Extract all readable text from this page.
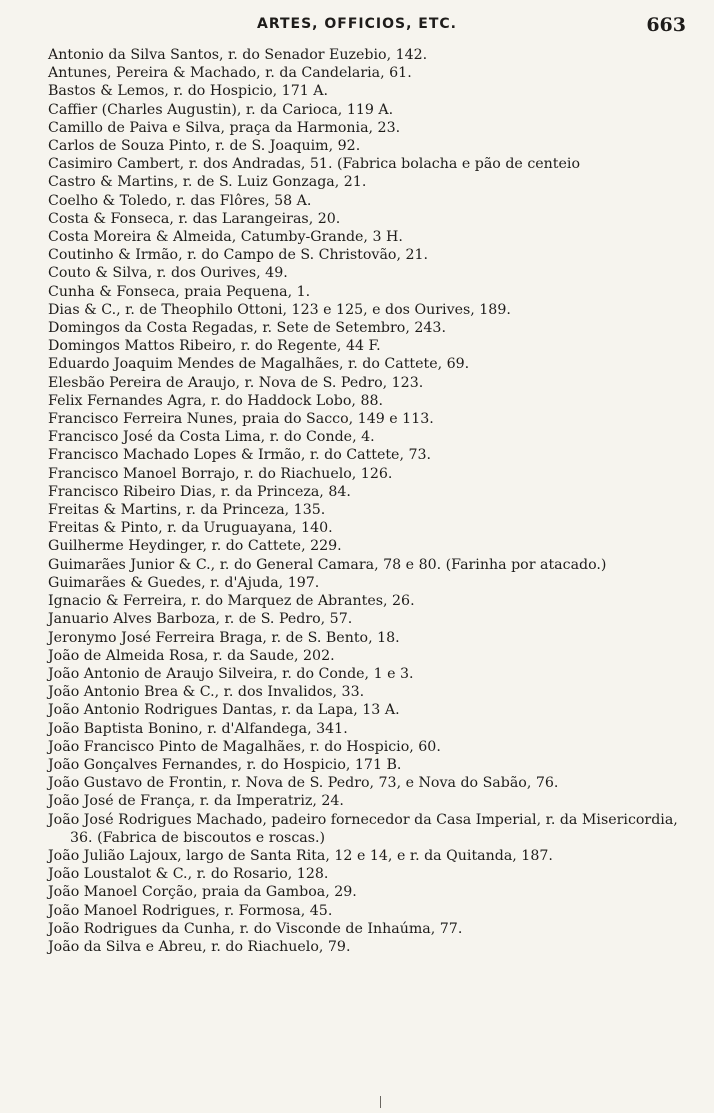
ARTES, OFFICIOS, ETC.	663
Antonio da Silva Santos, r. do Senador Euzebio, 142.
Antunes, Pereira & Machado, r. da Candelaria, 61.
Bastos & Lemos, r. do Hospicio, 171 A.
Caffier (Charles Augustin), r. da Carioca, 119 A.
Camillo de Paiva e Silva, praça da Harmonia, 23.
Carlos de Souza Pinto, r. de S. Joaquim, 92.
Casimiro Cambert, r. dos Andradas, 51. (Fabrica bolacha e pão de centeio
Castro & Martins, r. de S. Luiz Gonzaga, 21.
Coelho & Toledo, r. das Flôres, 58 A.
Costa & Fonseca, r. das Larangeiras, 20.
Costa Moreira & Almeida, Catumby-Grande, 3 H.
Coutinho & Irmão, r. do Campo de S. Christovão, 21.
Couto & Silva, r. dos Ourives, 49.
Cunha & Fonseca, praia Pequena, 1.
Dias & C., r. de Theophilo Ottoni, 123 e 125, e dos Ourives, 189.
Domingos da Costa Regadas, r. Sete de Setembro, 243.
Domingos Mattos Ribeiro, r. do Regente, 44 F.
Eduardo Joaquim Mendes de Magalhães, r. do Cattete, 69.
Elesbão Pereira de Araujo, r. Nova de S. Pedro, 123.
Felix Fernandes Agra, r. do Haddock Lobo, 88.
Francisco Ferreira Nunes, praia do Sacco, 149 e 113.
Francisco José da Costa Lima, r. do Conde, 4.
Francisco Machado Lopes & Irmão, r. do Cattete, 73.
Francisco Manoel Borrajo, r. do Riachuelo, 126.
Francisco Ribeiro Dias, r. da Princeza, 84.
Freitas & Martins, r. da Princeza, 135.
Freitas & Pinto, r. da Uruguayana, 140.
Guilherme Heydinger, r. do Cattete, 229.
Guimarães Junior & C., r. do General Camara, 78 e 80. (Farinha por atacado.)
Guimarães & Guedes, r. d'Ajuda, 197.
Ignacio & Ferreira, r. do Marquez de Abrantes, 26.
Januario Alves Barboza, r. de S. Pedro, 57.
Jeronymo José Ferreira Braga, r. de S. Bento, 18.
João de Almeida Rosa, r. da Saude, 202.
João Antonio de Araujo Silveira, r. do Conde, 1 e 3.
João Antonio Brea & C., r. dos Invalidos, 33.
João Antonio Rodrigues Dantas, r. da Lapa, 13 A.
João Baptista Bonino, r. d'Alfandega, 341.
João Francisco Pinto de Magalhães, r. do Hospicio, 60.
João Gonçalves Fernandes, r. do Hospicio, 171 B.
João Gustavo de Frontin, r. Nova de S. Pedro, 73, e Nova do Sabão, 76.
João José de França, r. da Imperatriz, 24.
João José Rodrigues Machado, padeiro fornecedor da Casa Imperial, r. da Misericordia, 36. (Fabrica de biscoutos e roscas.)
João Julião Lajoux, largo de Santa Rita, 12 e 14, e r. da Quitanda, 187.
João Loustalot & C., r. do Rosario, 128.
João Manoel Corção, praia da Gamboa, 29.
João Manoel Rodrigues, r. Formosa, 45.
João Rodrigues da Cunha, r. do Visconde de Inhaúma, 77.
João da Silva e Abreu, r. do Riachuelo, 79.
